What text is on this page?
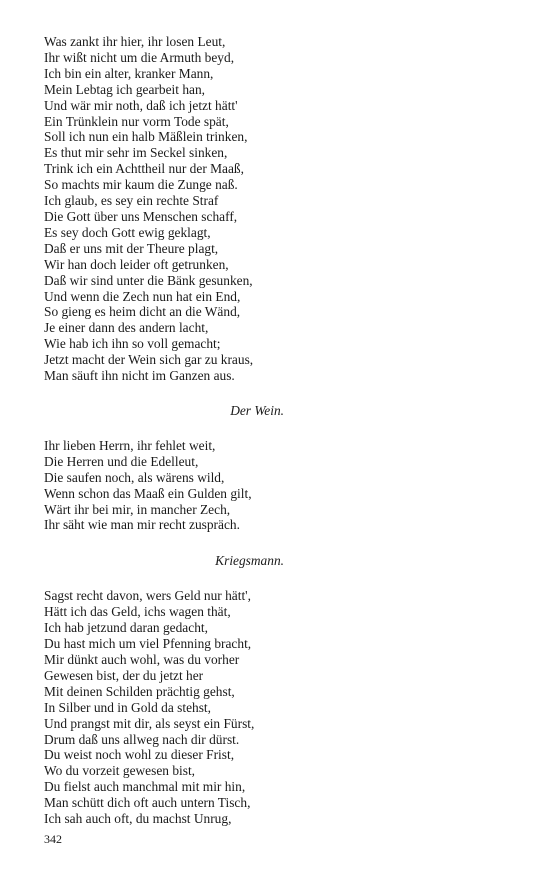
Was zankt ihr hier, ihr losen Leut,
Ihr wißt nicht um die Armuth beyd,
Ich bin ein alter, kranker Mann,
Mein Lebtag ich gearbeit han,
Und wär mir noth, daß ich jetzt hätt'
Ein Trünklein nur vorm Tode spät,
Soll ich nun ein halb Mäßlein trinken,
Es thut mir sehr im Seckel sinken,
Trink ich ein Achttheil nur der Maaß,
So machts mir kaum die Zunge naß.
Ich glaub, es sey ein rechte Straf
Die Gott über uns Menschen schaff,
Es sey doch Gott ewig geklagt,
Daß er uns mit der Theure plagt,
Wir han doch leider oft getrunken,
Daß wir sind unter die Bänk gesunken,
Und wenn die Zech nun hat ein End,
So gieng es heim dicht an die Wänd,
Je einer dann des andern lacht,
Wie hab ich ihn so voll gemacht;
Jetzt macht der Wein sich gar zu kraus,
Man säuft ihn nicht im Ganzen aus.
Der Wein.
Ihr lieben Herrn, ihr fehlet weit,
Die Herren und die Edelleut,
Die saufen noch, als wärens wild,
Wenn schon das Maaß ein Gulden gilt,
Wärt ihr bei mir, in mancher Zech,
Ihr säht wie man mir recht zuspräch.
Kriegsmann.
Sagst recht davon, wers Geld nur hätt',
Hätt ich das Geld, ichs wagen thät,
Ich hab jetzund daran gedacht,
Du hast mich um viel Pfenning bracht,
Mir dünkt auch wohl, was du vorher
Gewesen bist, der du jetzt her
Mit deinen Schilden prächtig gehst,
In Silber und in Gold da stehst,
Und prangst mit dir, als seyst ein Fürst,
Drum daß uns allweg nach dir dürst.
Du weist noch wohl zu dieser Frist,
Wo du vorzeit gewesen bist,
Du fielst auch manchmal mit mir hin,
Man schütt dich oft auch untern Tisch,
Ich sah auch oft, du machst Unrug,
342
